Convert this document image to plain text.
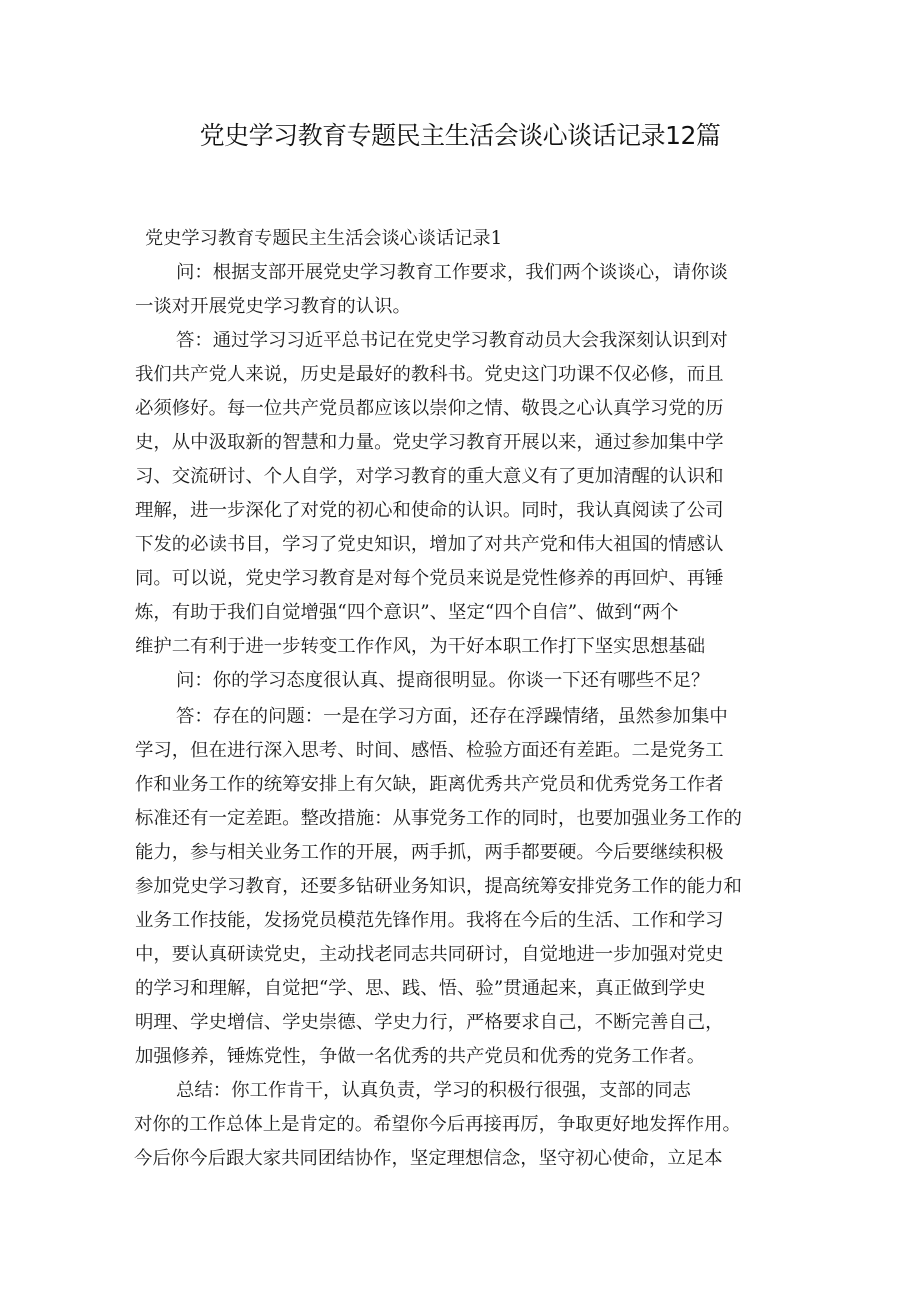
党史学习教育专题民主生活会谈心谈话记录12篇
党史学习教育专题民主生活会谈心谈话记录1
问：根据支部开展党史学习教育工作要求，我们两个谈谈心，请你谈
一谈对开展党史学习教育的认识。
答：通过学习习近平总书记在党史学习教育动员大会我深刻认识到对
我们共产党人来说，历史是最好的教科书。党史这门功课不仅必修，而且
必须修好。每一位共产党员都应该以崇仰之情、敬畏之心认真学习党的历
史，从中汲取新的智慧和力量。党史学习教育开展以来，通过参加集中学
习、交流研讨、个人自学，对学习教育的重大意义有了更加清醒的认识和
理解，进一步深化了对党的初心和使命的认识。同时，我认真阅读了公司
下发的必读书目，学习了党史知识，增加了对共产党和伟大祖国的情感认
同。可以说，党史学习教育是对每个党员来说是党性修养的再回炉、再锤
炼，有助于我们自觉增强“四个意识”、坚定“四个自信”、做到“两个
维护二有利于进一步转变工作作风，为干好本职工作打下坚实思想基础
问：你的学习态度很认真、提商很明显。你谈一下还有哪些不足？
答：存在的问题：一是在学习方面，还存在浮躁情绪，虽然参加集中
学习，但在进行深入思考、时间、感悟、检验方面还有差距。二是党务工
作和业务工作的统筹安排上有欠缺，距离优秀共产党员和优秀党务工作者
标准还有一定差距。整改措施：从事党务工作的同时，也要加强业务工作的
能力，参与相关业务工作的开展，两手抓，两手都要硬。今后要继续积极
参加党史学习教育，还要多钻研业务知识，提高统筹安排党务工作的能力和
业务工作技能，发扬党员模范先锋作用。我将在今后的生活、工作和学习
中，要认真研读党史，主动找老同志共同研讨，自觉地进一步加强对党史
的学习和理解，自觉把“学、思、践、悟、验”贯通起来，真正做到学史
明理、学史增信、学史崇德、学史力行，严格要求自己，不断完善自己，
加强修养，锤炼党性，争做一名优秀的共产党员和优秀的党务工作者。
总结：你工作肯干，认真负责，学习的积极行很强，支部的同志
对你的工作总体上是肯定的。希望你今后再接再厉，争取更好地发挥作用。
今后你今后跟大家共同团结协作，坚定理想信念，坚守初心使命，立足本
